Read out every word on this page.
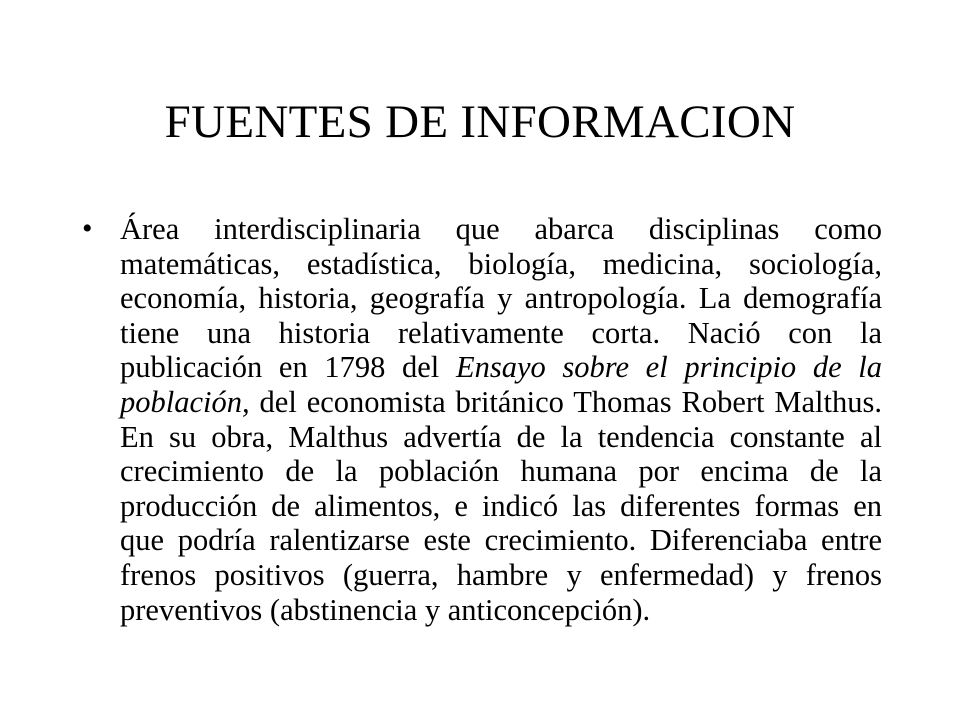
FUENTES DE INFORMACION
• Área interdisciplinaria que abarca disciplinas como matemáticas, estadística, biología, medicina, sociología, economía, historia, geografía y antropología. La demografía tiene una historia relativamente corta. Nació con la publicación en 1798 del Ensayo sobre el principio de la población, del economista británico Thomas Robert Malthus. En su obra, Malthus advertía de la tendencia constante al crecimiento de la población humana por encima de la producción de alimentos, e indicó las diferentes formas en que podría ralentizarse este crecimiento. Diferenciaba entre frenos positivos (guerra, hambre y enfermedad) y frenos preventivos (abstinencia y anticoncepción).
